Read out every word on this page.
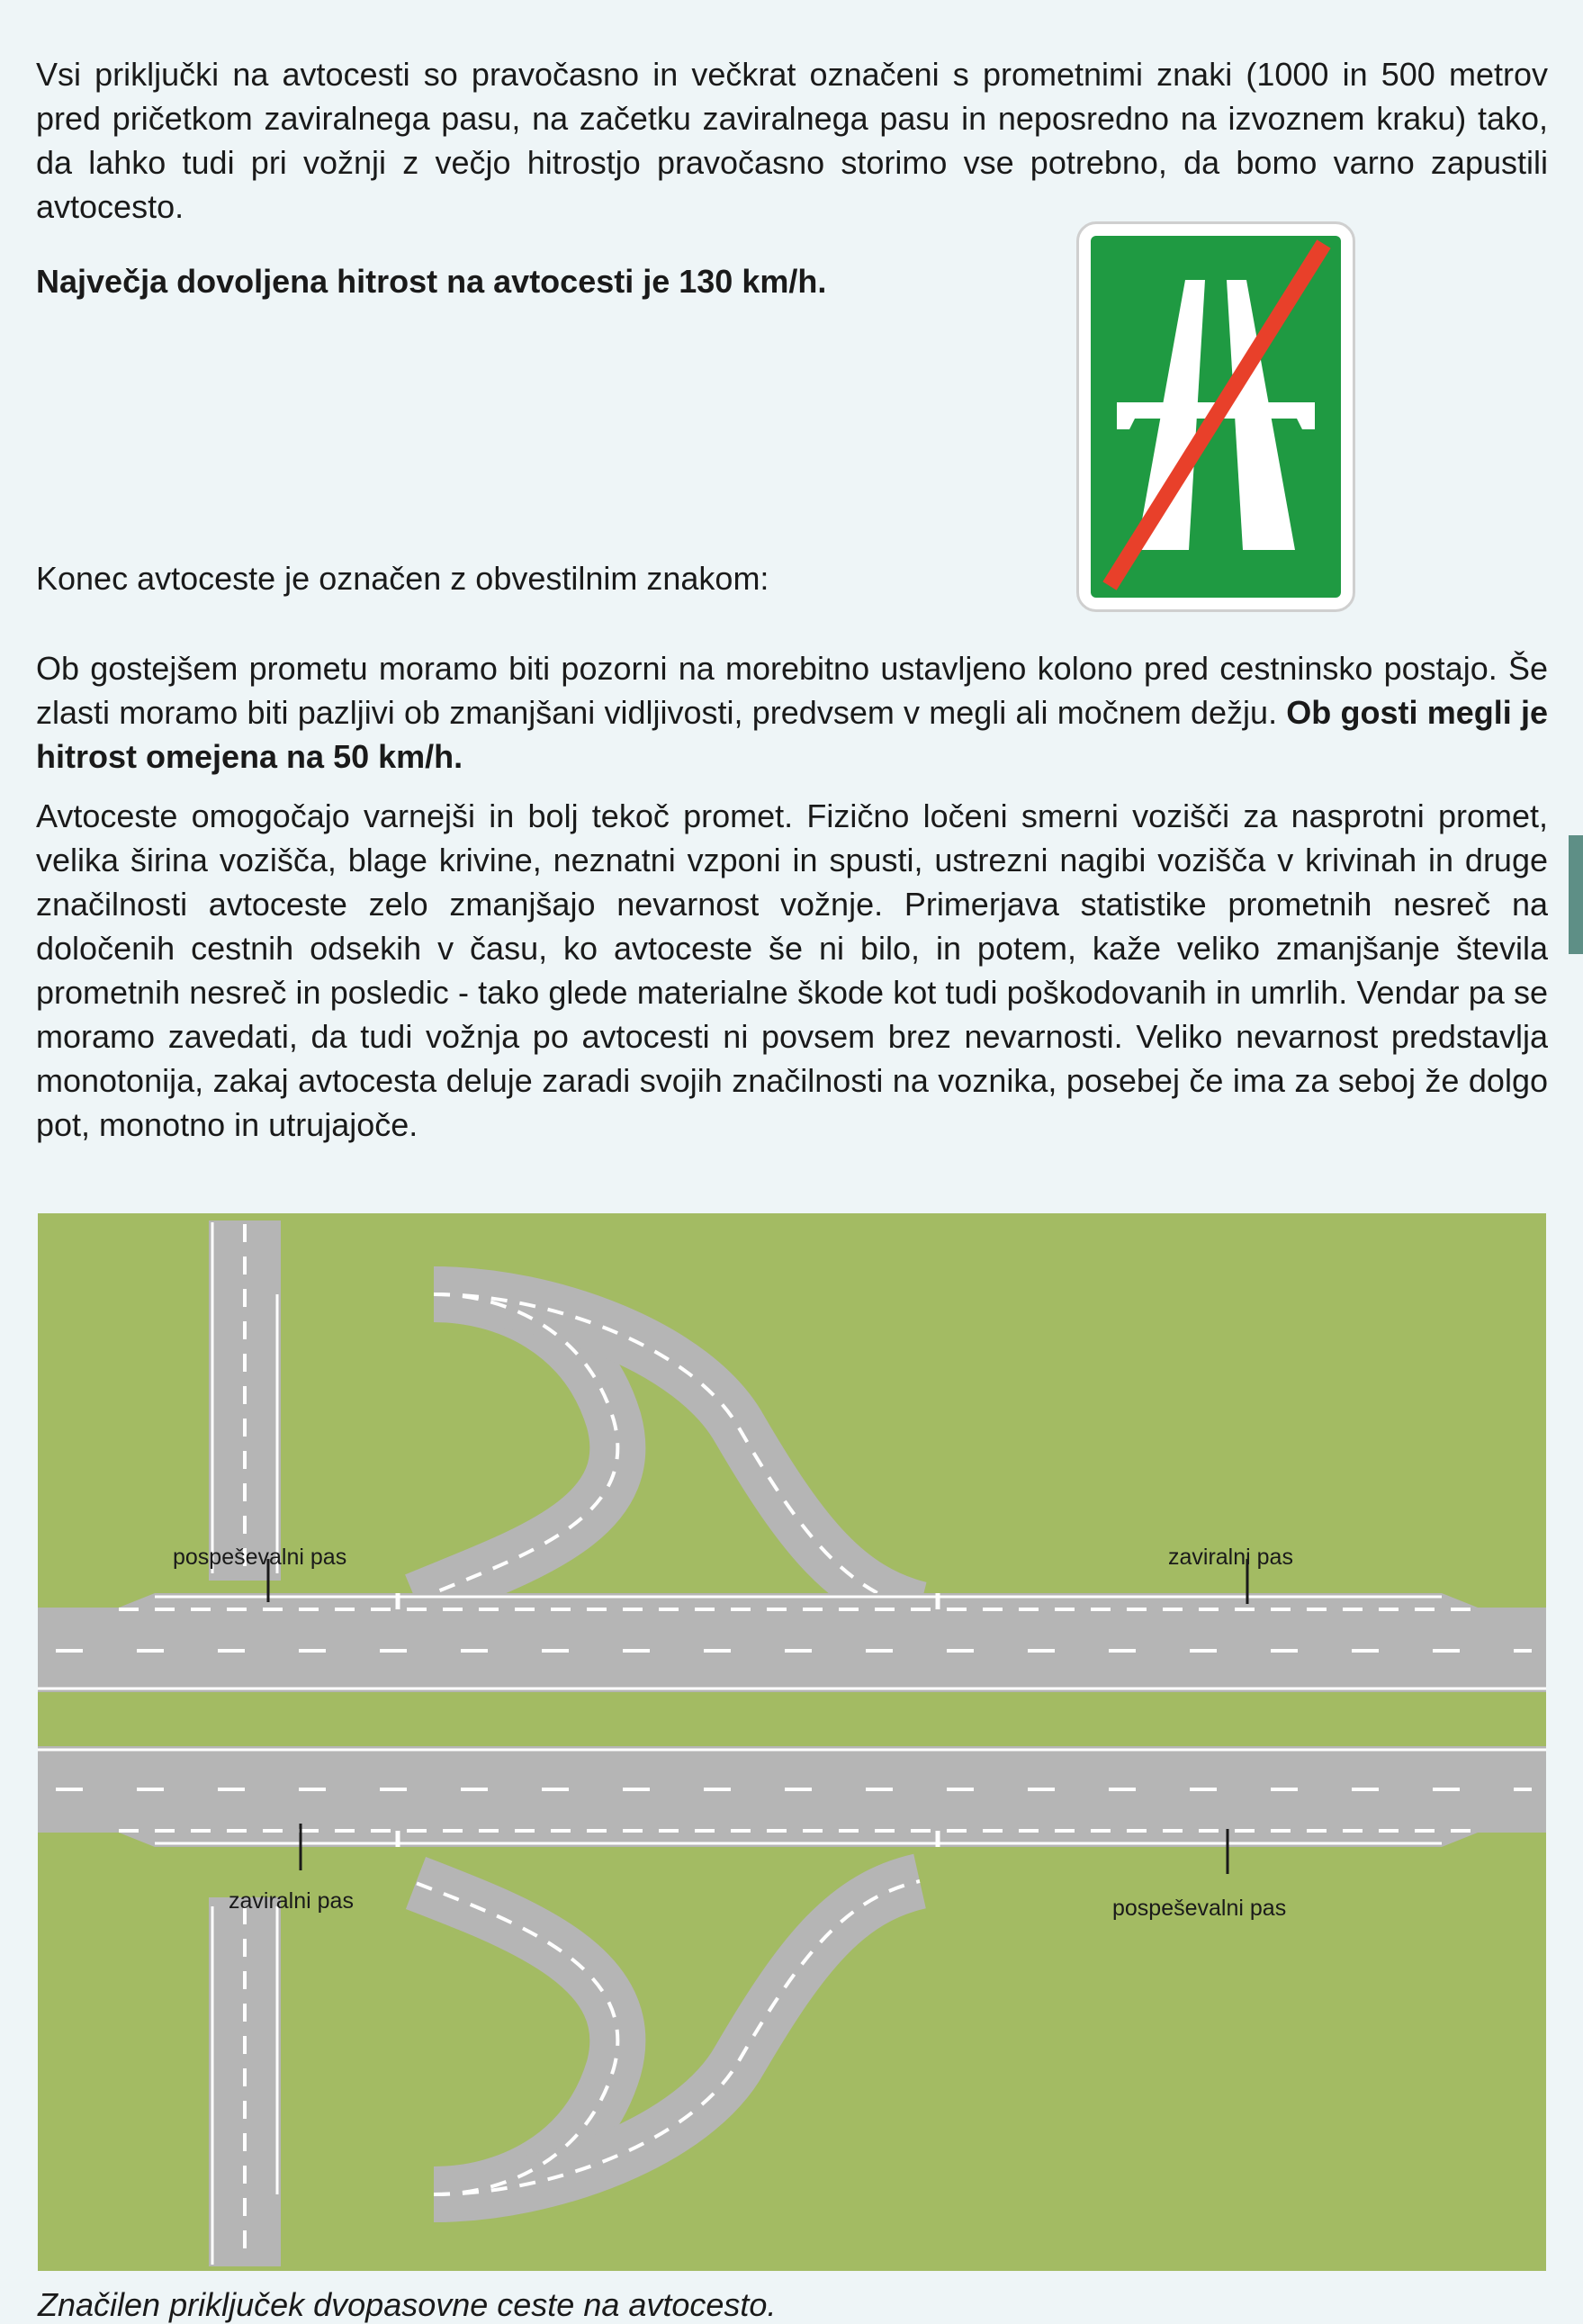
Vsi priključki na avtocesti so pravočasno in večkrat označeni s prometnimi znaki (1000 in 500 metrov pred pričetkom zaviralnega pasu, na začetku zaviralnega pasu in neposredno na izvoznem kraku) tako, da lahko tudi pri vožnji z večjo hitrostjo pravočasno storimo vse potrebno, da bomo varno zapustili avtocesto.
Največja dovoljena hitrost na avtocesti je 130 km/h.
Konec avtoceste je označen z obvestilnim znakom:
Ob gostejšem prometu moramo biti pozorni na morebitno ustavljeno kolono pred cestninsko postajo. Še zlasti moramo biti pazljivi ob zmanjšani vidljivosti, predvsem v megli ali močnem dežju. Ob gosti megli je hitrost omejena na 50 km/h.
Avtoceste omogočajo varnejši in bolj tekoč promet. Fizično ločeni smerni vozišči za nasprotni promet, velika širina vozišča, blage krivine, neznatni vzponi in spusti, ustrezni nagibi vozišča v krivinah in druge značilnosti avtoceste zelo zmanjšajo nevarnost vožnje. Primerjava statistike prometnih nesreč na določenih cestnih odsekih v času, ko avtoceste še ni bilo, in potem, kaže veliko zmanjšanje števila prometnih nesreč in posledic - tako glede materialne škode kot tudi poškodovanih in umrlih. Vendar pa se moramo zavedati, da tudi vožnja po avtocesti ni povsem brez nevarnosti. Veliko nevarnost predstavlja monotonija, zakaj avtocesta deluje zaradi svojih značilnosti na voznika, posebej če ima za seboj že dolgo pot, monotno in utrujajoče.
pospeševalni pas	zaviralni pas
zaviralni pas	pospeševalni pas
Značilen priključek dvopasovne ceste na avtocesto.
